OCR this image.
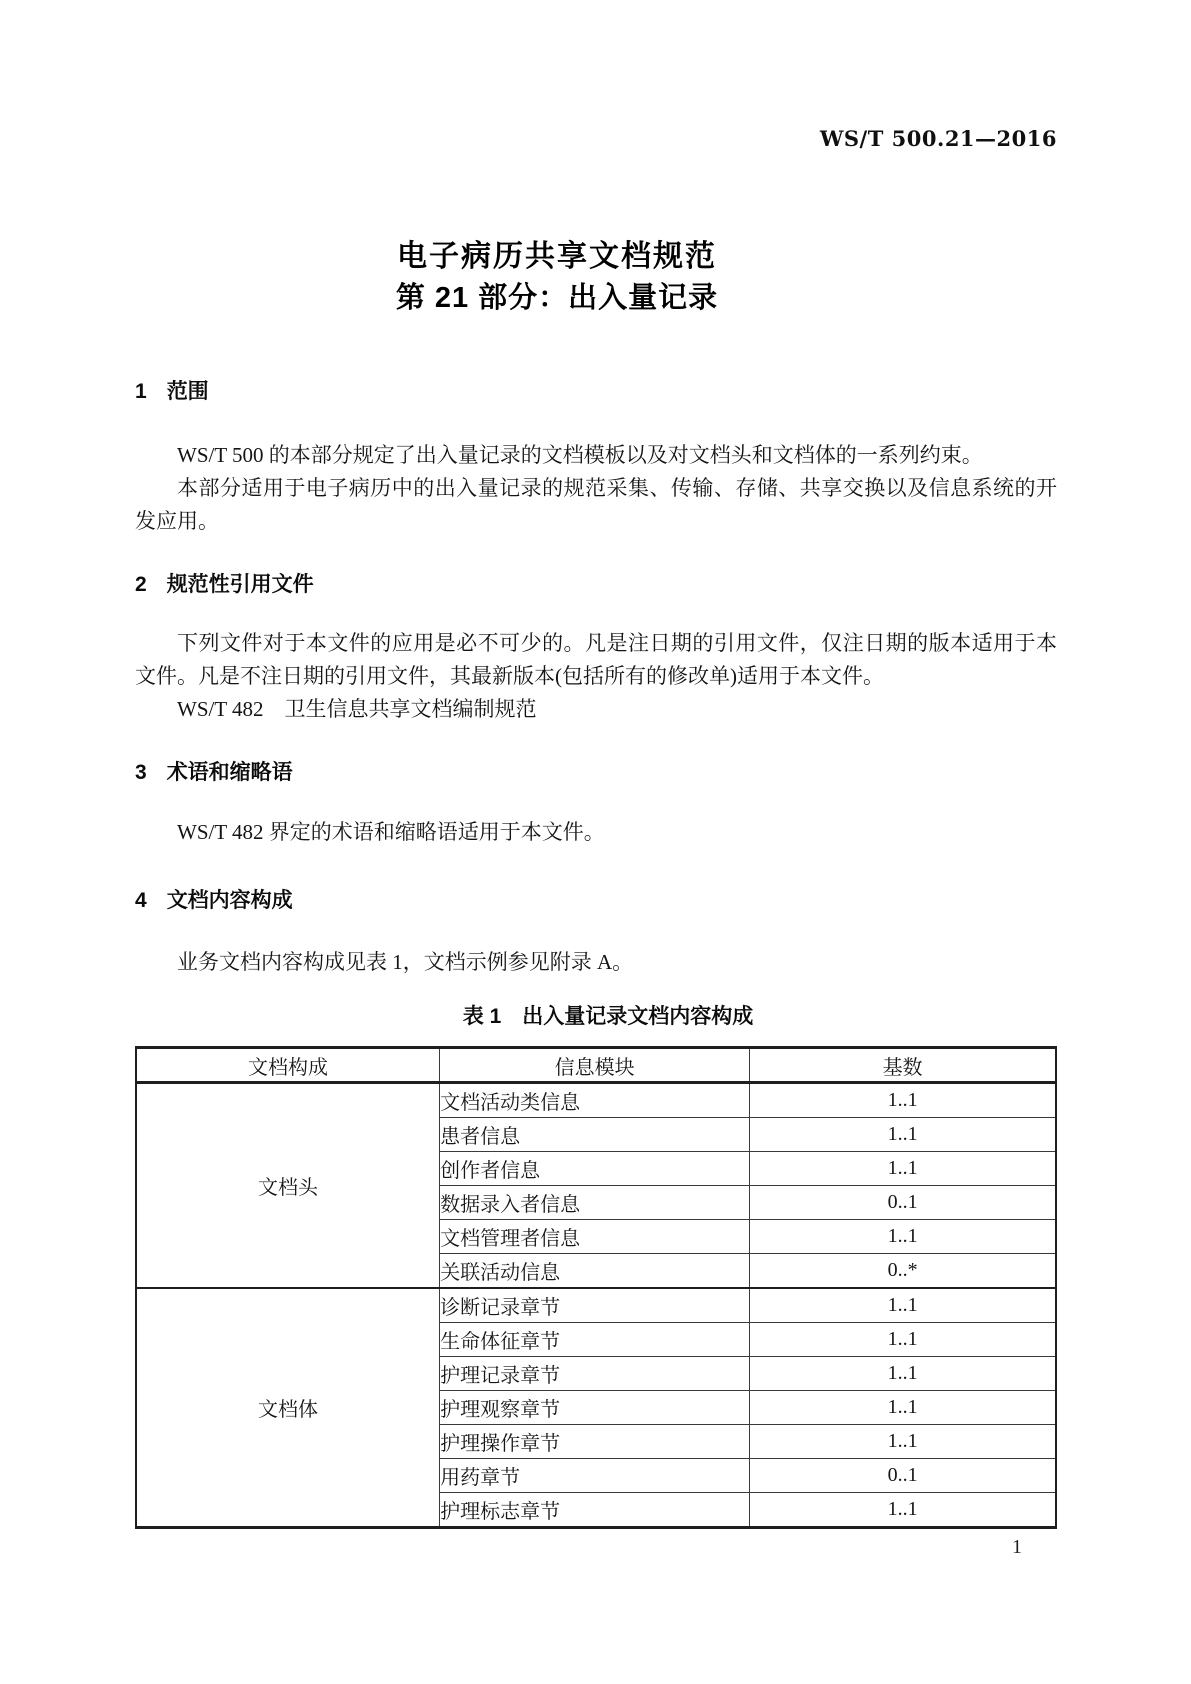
WS/T 500.21—2016
电子病历共享文档规范
第 21 部分：出入量记录
1 范围

WS/T 500 的本部分规定了出入量记录的文档模板以及对文档头和文档体的一系列约束。

本部分适用于电子病历中的出入量记录的规范采集、传输、存储、共享交换以及信息系统的开发应用。

2 规范性引用文件

下列文件对于本文件的应用是必不可少的。凡是注日期的引用文件，仅注日期的版本适用于本文件。凡是不注日期的引用文件，其最新版本(包括所有的修改单)适用于本文件。

WS/T 482　卫生信息共享文档编制规范

3 术语和缩略语

WS/T 482 界定的术语和缩略语适用于本文件。

4 文档内容构成

业务文档内容构成见表 1，文档示例参见附录 A。

表 1　出入量记录文档内容构成
文档构成	信息模块	基数
文档头	文档活动类信息	1..1
	患者信息	1..1
	创作者信息	1..1
	数据录入者信息	0..1
	文档管理者信息	1..1
	关联活动信息	0..*
文档体	诊断记录章节	1..1
	生命体征章节	1..1
	护理记录章节	1..1
	护理观察章节	1..1
	护理操作章节	1..1
	用药章节	0..1
	护理标志章节	1..1
1
